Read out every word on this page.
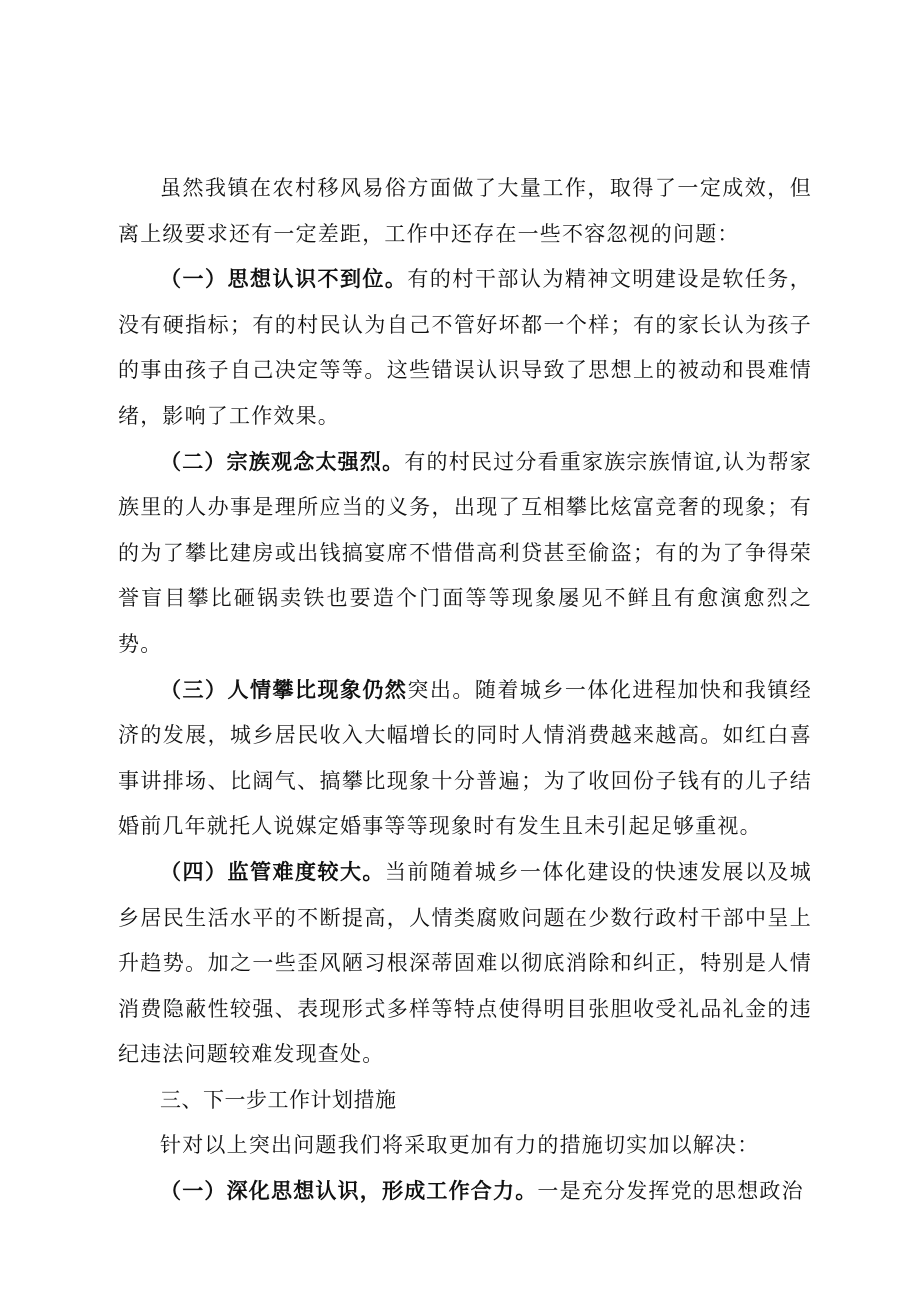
虽然我镇在农村移风易俗方面做了大量工作，取得了一定成效，但离上级要求还有一定差距，工作中还存在一些不容忽视的问题：

（一）思想认识不到位。有的村干部认为精神文明建设是软任务，没有硬指标；有的村民认为自己不管好坏都一个样；有的家长认为孩子的事由孩子自己决定等等。这些错误认识导致了思想上的被动和畏难情绪，影响了工作效果。

（二）宗族观念太强烈。有的村民过分看重家族宗族情谊,认为帮家族里的人办事是理所应当的义务，出现了互相攀比炫富竞奢的现象；有的为了攀比建房或出钱搞宴席不惜借高利贷甚至偷盗；有的为了争得荣誉盲目攀比砸锅卖铁也要造个门面等等现象屡见不鲜且有愈演愈烈之势。

（三）人情攀比现象仍然突出。随着城乡一体化进程加快和我镇经济的发展，城乡居民收入大幅增长的同时人情消费越来越高。如红白喜事讲排场、比阔气、搞攀比现象十分普遍；为了收回份子钱有的儿子结婚前几年就托人说媒定婚事等等现象时有发生且未引起足够重视。

（四）监管难度较大。当前随着城乡一体化建设的快速发展以及城乡居民生活水平的不断提高，人情类腐败问题在少数行政村干部中呈上升趋势。加之一些歪风陋习根深蒂固难以彻底消除和纠正，特别是人情消费隐蔽性较强、表现形式多样等特点使得明目张胆收受礼品礼金的违纪违法问题较难发现查处。

三、下一步工作计划措施

针对以上突出问题我们将采取更加有力的措施切实加以解决：

（一）深化思想认识，形成工作合力。一是充分发挥党的思想政治
